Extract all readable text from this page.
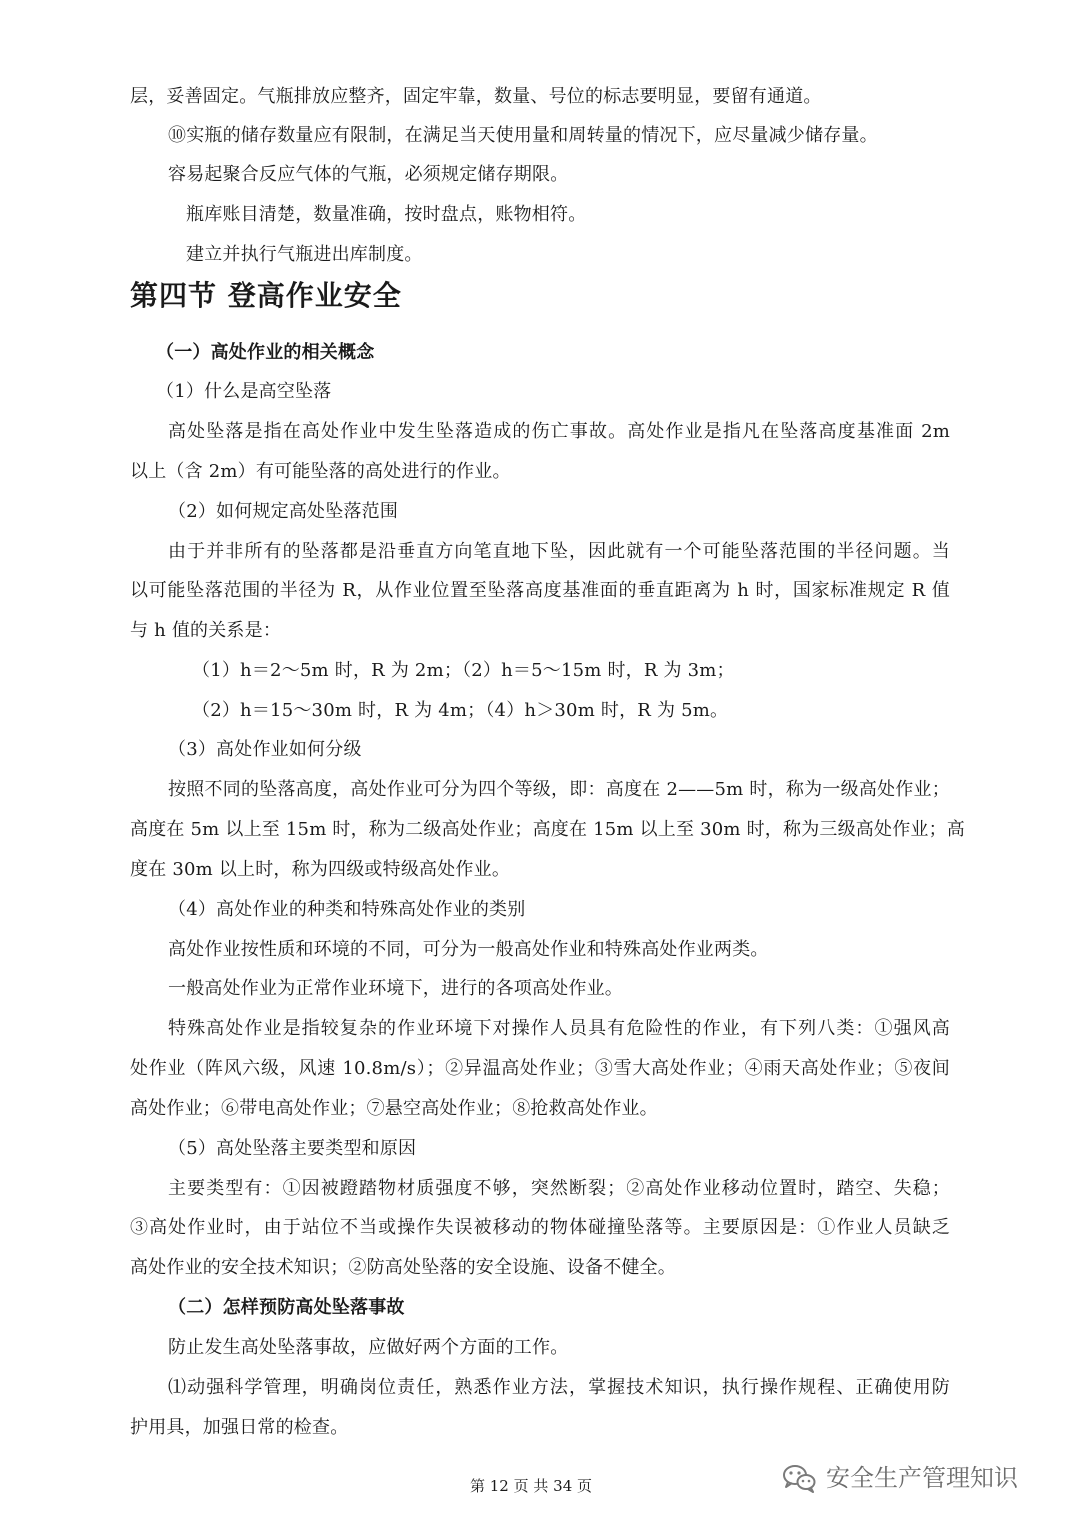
层，妥善固定。气瓶排放应整齐，固定牢靠，数量、号位的标志要明显，要留有通道。
⑩实瓶的储存数量应有限制，在满足当天使用量和周转量的情况下，应尽量减少储存量。
容易起聚合反应气体的气瓶，必须规定储存期限。
瓶库账目清楚，数量准确，按时盘点，账物相符。
建立并执行气瓶进出库制度。
第四节 登高作业安全
（一）高处作业的相关概念
（1）什么是高空坠落
高处坠落是指在高处作业中发生坠落造成的伤亡事故。高处作业是指凡在坠落高度基准面 2m
以上（含 2m）有可能坠落的高处进行的作业。
（2）如何规定高处坠落范围
由于并非所有的坠落都是沿垂直方向笔直地下坠，因此就有一个可能坠落范围的半径问题。当
以可能坠落范围的半径为 R，从作业位置至坠落高度基准面的垂直距离为 h 时，国家标准规定 R 值
与 h 值的关系是：
（1）h＝2～5m 时，R 为 2m；（2）h＝5～15m 时，R 为 3m；
（2）h＝15～30m 时，R 为 4m；（4）h＞30m 时，R 为 5m。
（3）高处作业如何分级
按照不同的坠落高度，高处作业可分为四个等级，即：高度在 2——5m 时，称为一级高处作业；
高度在 5m 以上至 15m 时，称为二级高处作业；高度在 15m 以上至 30m 时，称为三级高处作业；高
度在 30m 以上时，称为四级或特级高处作业。
（4）高处作业的种类和特殊高处作业的类别
高处作业按性质和环境的不同，可分为一般高处作业和特殊高处作业两类。
一般高处作业为正常作业环境下，进行的各项高处作业。
特殊高处作业是指较复杂的作业环境下对操作人员具有危险性的作业，有下列八类：①强风高
处作业（阵风六级，风速 10.8m/s）；②异温高处作业；③雪大高处作业；④雨天高处作业；⑤夜间
高处作业；⑥带电高处作业；⑦悬空高处作业；⑧抢救高处作业。
（5）高处坠落主要类型和原因
主要类型有：①因被蹬踏物材质强度不够，突然断裂；②高处作业移动位置时，踏空、失稳；
③高处作业时，由于站位不当或操作失误被移动的物体碰撞坠落等。主要原因是：①作业人员缺乏
高处作业的安全技术知识；②防高处坠落的安全设施、设备不健全。
（二）怎样预防高处坠落事故
防止发生高处坠落事故，应做好两个方面的工作。
⑴动强科学管理，明确岗位责任，熟悉作业方法，掌握技术知识，执行操作规程、正确使用防
护用具，加强日常的检查。
第 12 页 共 34 页	安全生产管理知识
